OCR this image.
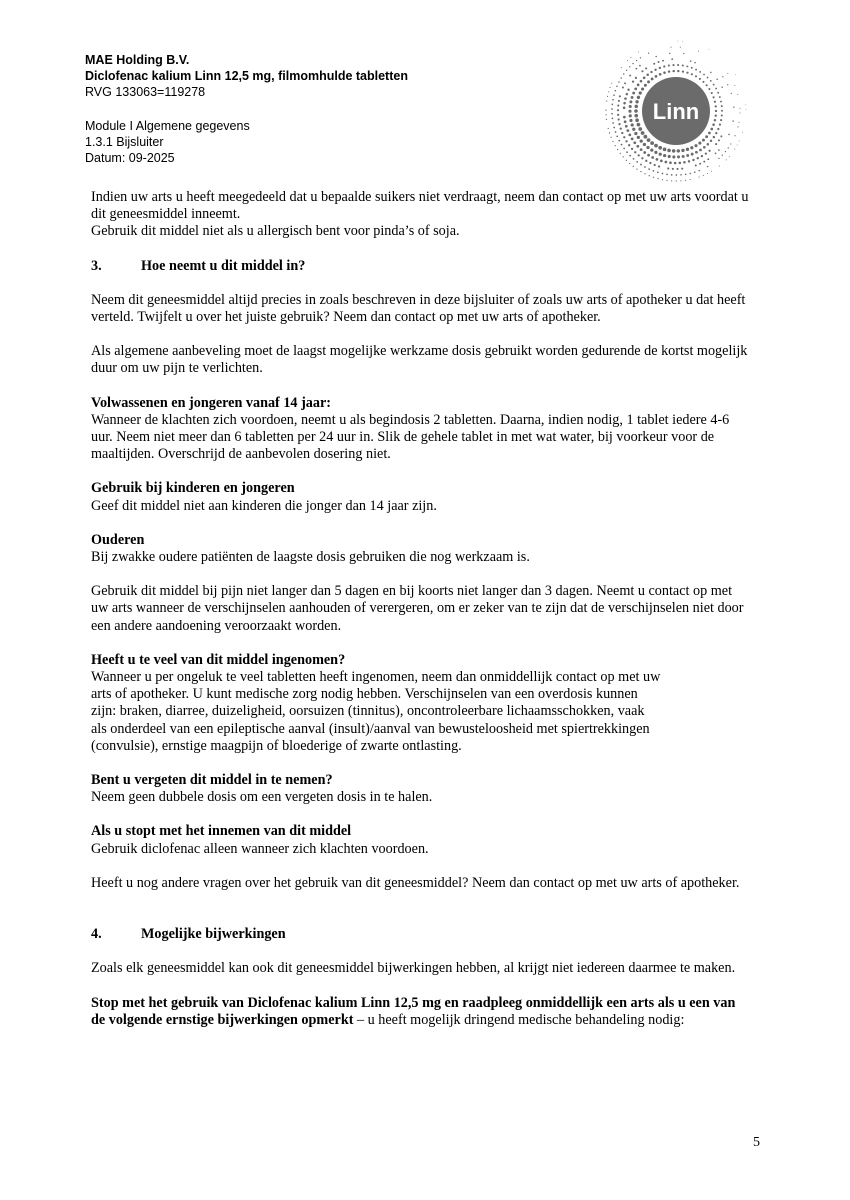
MAE Holding B.V.
Diclofenac kalium Linn 12,5 mg, filmomhulde tabletten
RVG 133063=119278
Module I Algemene gegevens
1.3.1 Bijsluiter
Datum: 09-2025
Linn

Indien uw arts u heeft meegedeeld dat u bepaalde suikers niet verdraagt, neem dan contact op met uw arts voordat u dit geneesmiddel inneemt.

Gebruik dit middel niet als u allergisch bent voor pinda’s of soja.

3.	Hoe neemt u dit middel in?

Neem dit geneesmiddel altijd precies in zoals beschreven in deze bijsluiter of zoals uw arts of apotheker u dat heeft verteld. Twijfelt u over het juiste gebruik? Neem dan contact op met uw arts of apotheker.

Als algemene aanbeveling moet de laagst mogelijke werkzame dosis gebruikt worden gedurende de kortst mogelijk duur om uw pijn te verlichten.

Volwassenen en jongeren vanaf 14 jaar:

Wanneer de klachten zich voordoen, neemt u als begindosis 2 tabletten. Daarna, indien nodig, 1 tablet iedere 4-6 uur. Neem niet meer dan 6 tabletten per 24 uur in. Slik de gehele tablet in met wat water, bij voorkeur voor de maaltijden. Overschrijd de aanbevolen dosering niet.

Gebruik bij kinderen en jongeren

Geef dit middel niet aan kinderen die jonger dan 14 jaar zijn.

Ouderen

Bij zwakke oudere patiënten de laagste dosis gebruiken die nog werkzaam is.

Gebruik dit middel bij pijn niet langer dan 5 dagen en bij koorts niet langer dan 3 dagen. Neemt u contact op met uw arts wanneer de verschijnselen aanhouden of verergeren, om er zeker van te zijn dat de verschijnselen niet door een andere aandoening veroorzaakt worden.

Heeft u te veel van dit middel ingenomen?

Wanneer u per ongeluk te veel tabletten heeft ingenomen, neem dan onmiddellijk contact op met uw
arts of apotheker. U kunt medische zorg nodig hebben. Verschijnselen van een overdosis kunnen
zijn: braken, diarree, duizeligheid, oorsuizen (tinnitus), oncontroleerbare lichaamsschokken, vaak
als onderdeel van een epileptische aanval (insult)/aanval van bewusteloosheid met spiertrekkingen
(convulsie), ernstige maagpijn of bloederige of zwarte ontlasting.

Bent u vergeten dit middel in te nemen?

Neem geen dubbele dosis om een vergeten dosis in te halen.

Als u stopt met het innemen van dit middel

Gebruik diclofenac alleen wanneer zich klachten voordoen.

Heeft u nog andere vragen over het gebruik van dit geneesmiddel? Neem dan contact op met uw arts of apotheker.

4.	Mogelijke bijwerkingen

Zoals elk geneesmiddel kan ook dit geneesmiddel bijwerkingen hebben, al krijgt niet iedereen daarmee te maken.

Stop met het gebruik van Diclofenac kalium Linn 12,5 mg en raadpleeg onmiddellijk een arts als u een van de volgende ernstige bijwerkingen opmerkt – u heeft mogelijk dringend medische behandeling nodig:

5
